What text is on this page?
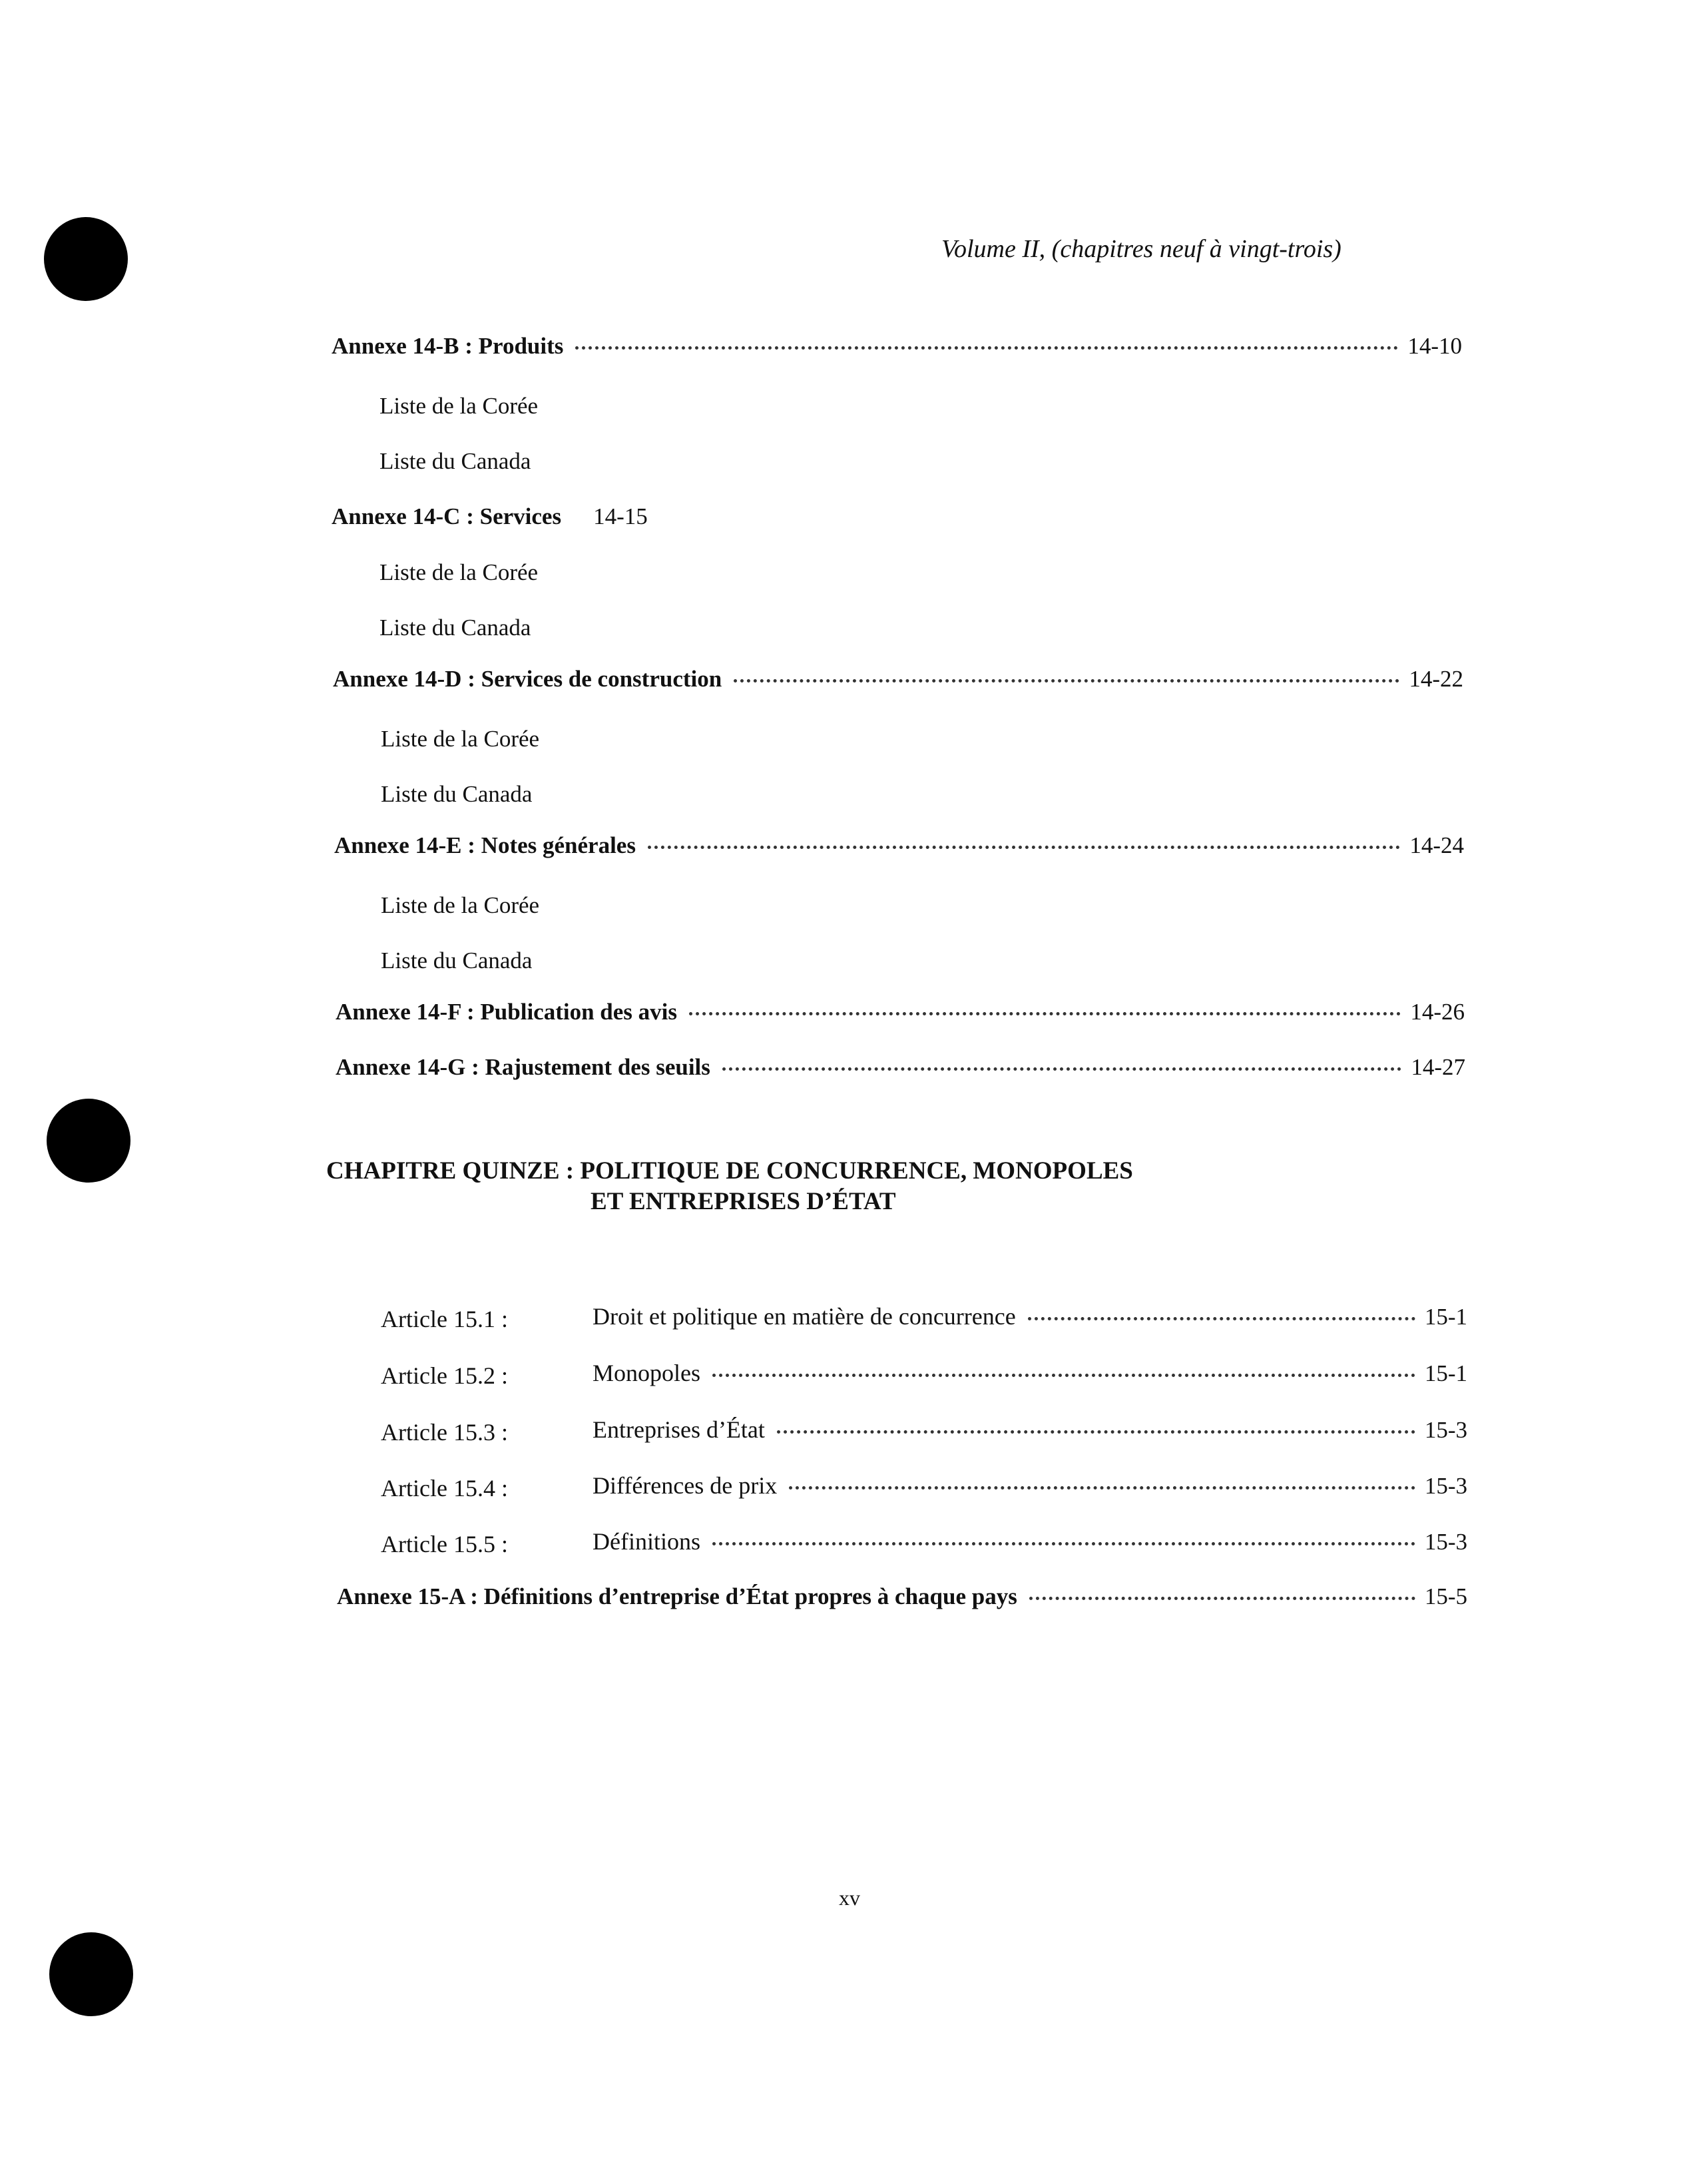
Volume II, (chapitres neuf à vingt-trois)
Annexe 14-B : Produits	14-10
Liste de la Corée
Liste du Canada
Annexe 14-C : Services 14-15
Liste de la Corée
Liste du Canada
Annexe 14-D : Services de construction	14-22
Liste de la Corée
Liste du Canada
Annexe 14-E : Notes générales	14-24
Liste de la Corée
Liste du Canada
Annexe 14-F : Publication des avis	14-26
Annexe 14-G : Rajustement des seuils	14-27
CHAPITRE QUINZE : POLITIQUE DE CONCURRENCE, MONOPOLES
ET ENTREPRISES D’ÉTAT
Article 15.1 :	Droit et politique en matière de concurrence	15-1
Article 15.2 :	Monopoles	15-1
Article 15.3 :	Entreprises d’État	15-3
Article 15.4 :	Différences de prix	15-3
Article 15.5 :	Définitions	15-3
Annexe 15-A : Définitions d’entreprise d’État propres à chaque pays	15-5
xv
